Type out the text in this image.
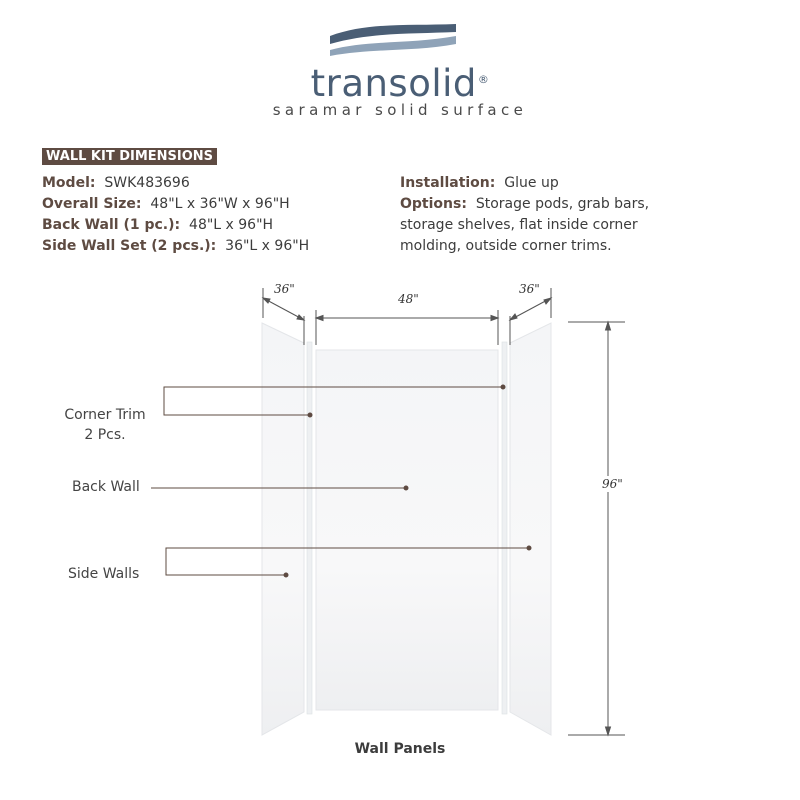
transolid®
saramar solid surface
WALL KIT DIMENSIONS
Model: SWK483696
Overall Size: 48"L x 36"W x 96"H
Back Wall (1 pc.): 48"L x 96"H
Side Wall Set (2 pcs.): 36"L x 96"H
Installation: Glue up
Options: Storage pods, grab bars, storage shelves, flat inside corner molding, outside corner trims.
36"
48"
36"
96"
Corner Trim
2 Pcs.
Back Wall
Side Walls
Wall Panels
